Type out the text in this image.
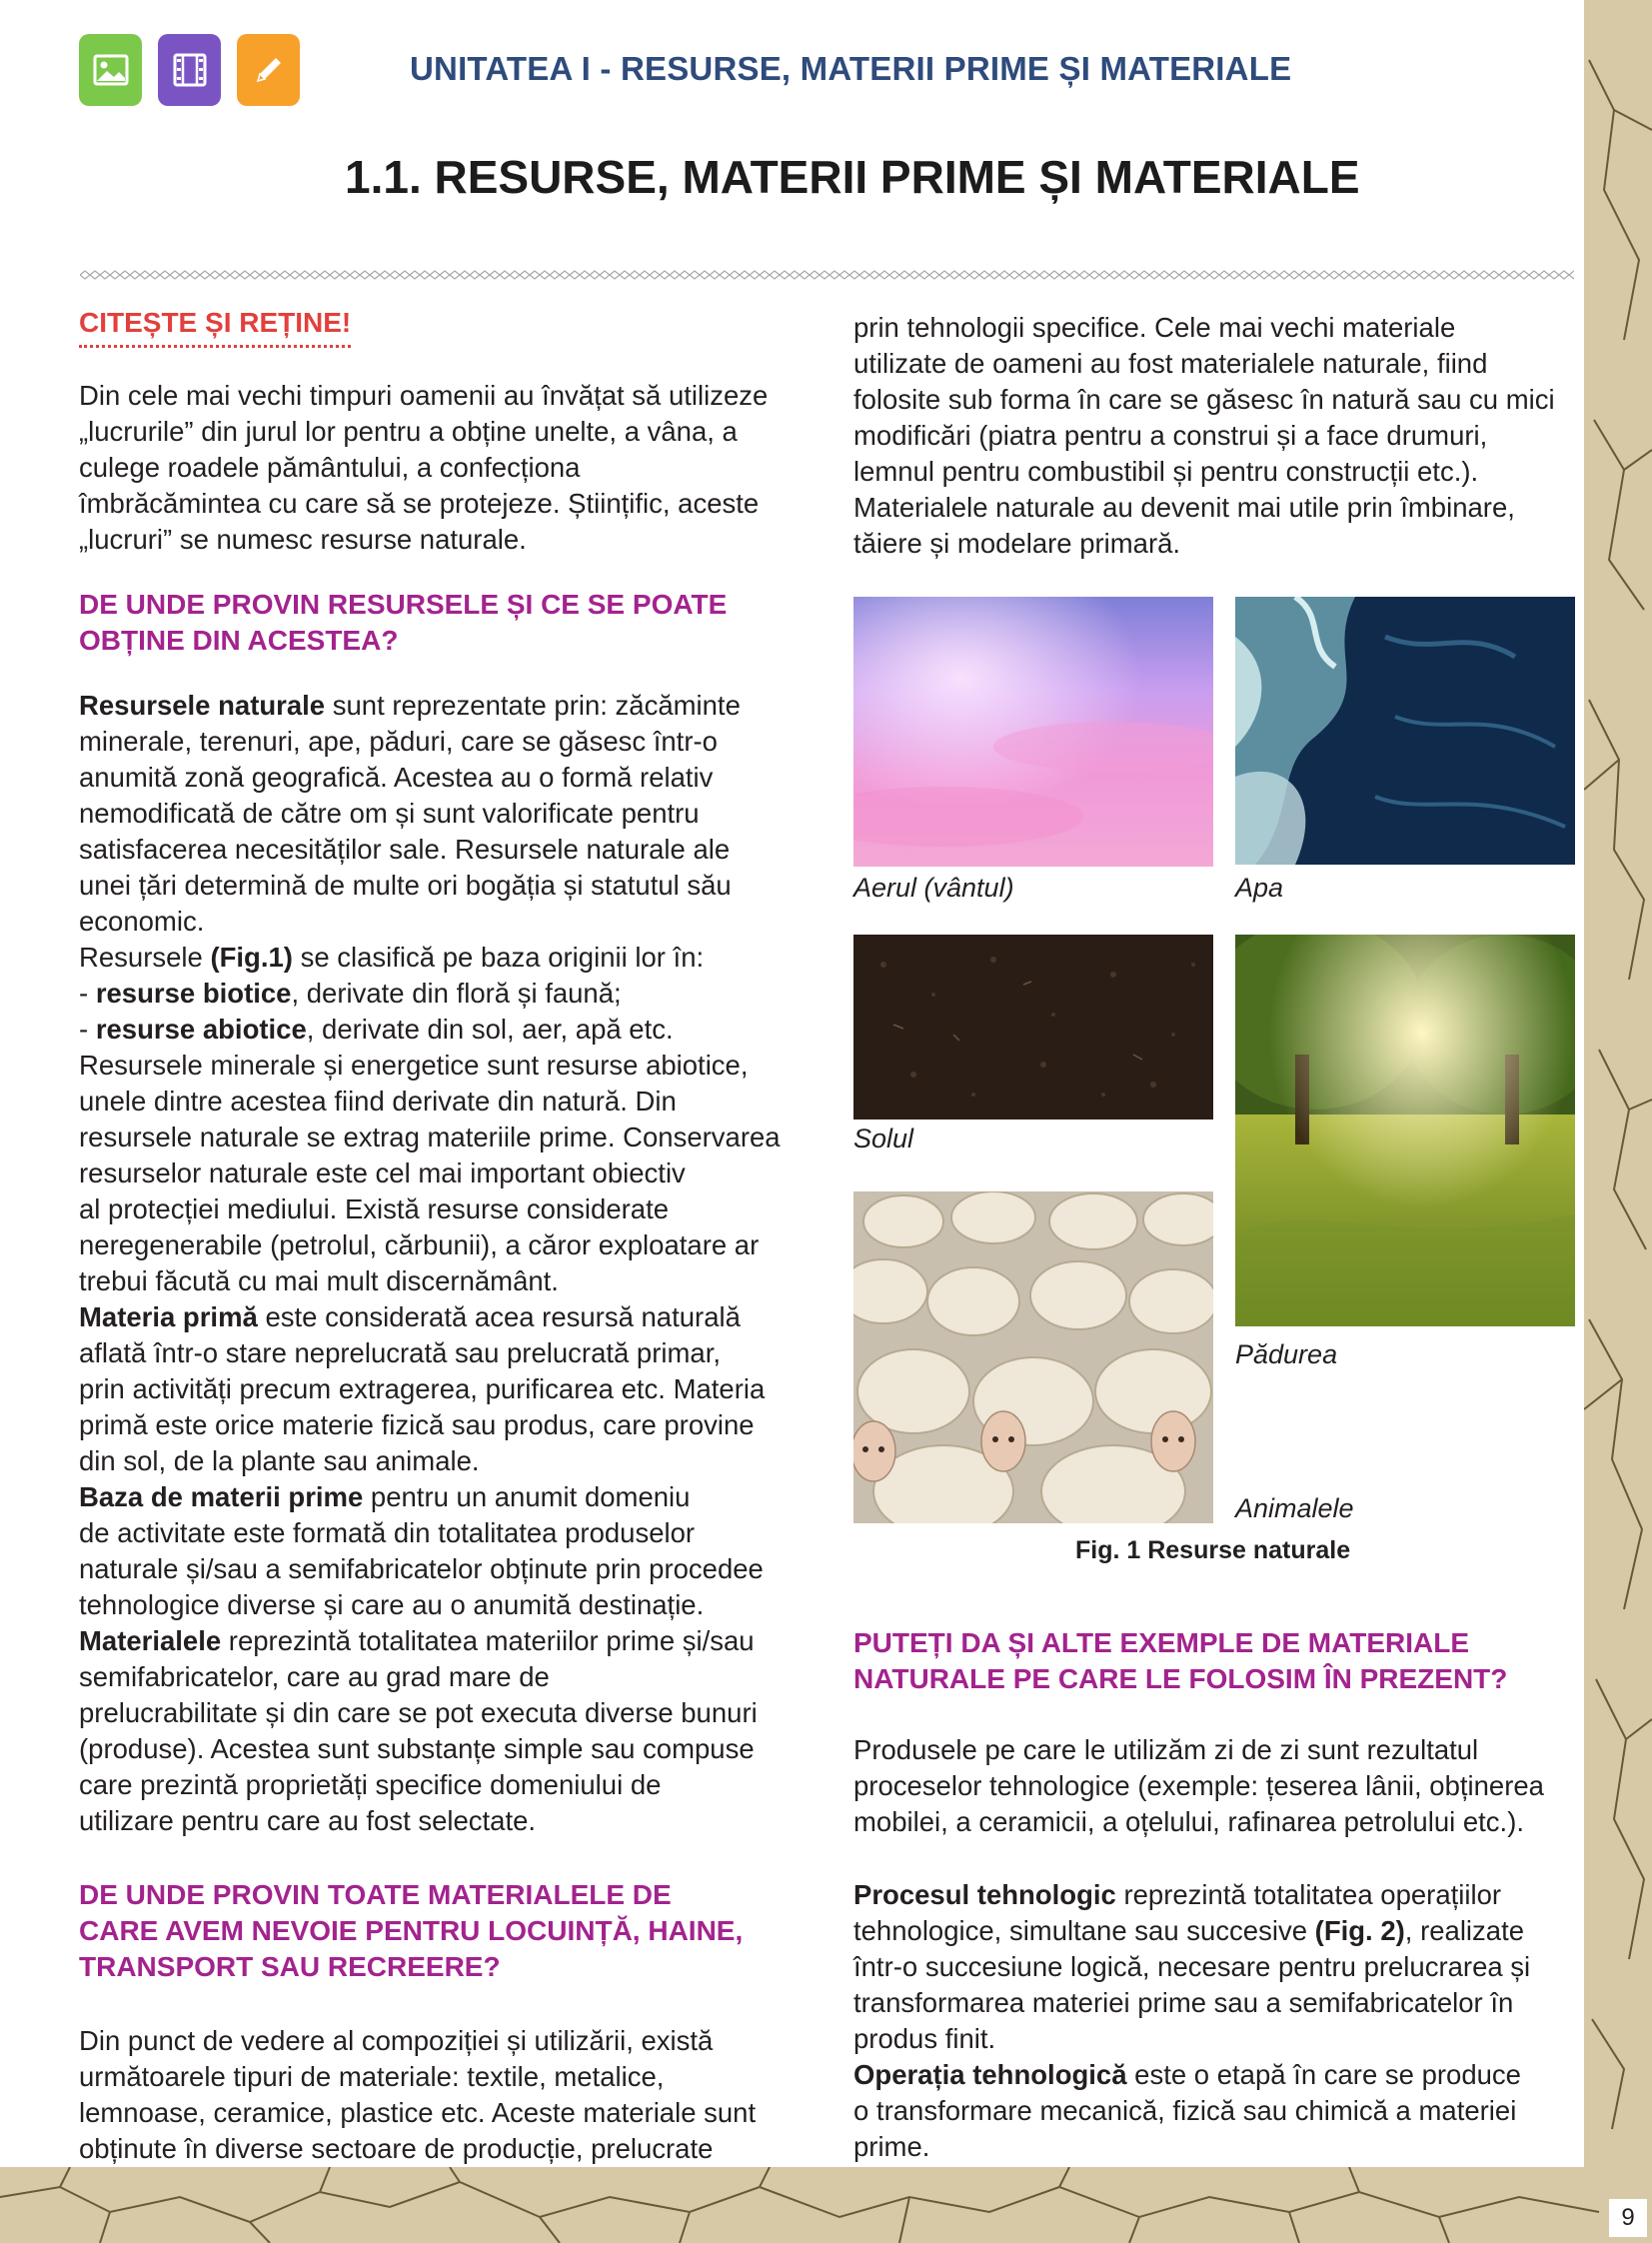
9
UNITATEA I - RESURSE, MATERII PRIME ȘI MATERIALE
1.1. RESURSE, MATERII PRIME ȘI MATERIALE
CITEȘTE ȘI REȚINE!
Din cele mai vechi timpuri oamenii au învățat să utilizeze
„lucrurile” din jurul lor pentru a obține unelte, a vâna, a
culege roadele pământului, a confecționa
îmbrăcămintea cu care să se protejeze. Științific, aceste
„lucruri” se numesc resurse naturale.
DE UNDE PROVIN RESURSELE ȘI CE SE POATE
OBȚINE DIN ACESTEA?
Resursele naturale sunt reprezentate prin: zăcăminte
minerale, terenuri, ape, păduri, care se găsesc într-o
anumită zonă geografică. Acestea au o formă relativ
nemodificată de către om și sunt valorificate pentru
satisfacerea necesităților sale. Resursele naturale ale
unei țări determină de multe ori bogăția și statutul său
economic.
Resursele (Fig.1) se clasifică pe baza originii lor în:
- resurse biotice, derivate din floră și faună;
- resurse abiotice, derivate din sol, aer, apă etc.
Resursele minerale și energetice sunt resurse abiotice,
unele dintre acestea fiind derivate din natură. Din
resursele naturale se extrag materiile prime. Conservarea
resurselor naturale este cel mai important obiectiv
al protecției mediului. Există resurse considerate
neregenerabile (petrolul, cărbunii), a căror exploatare ar
trebui făcută cu mai mult discernământ.
Materia primă este considerată acea resursă naturală
aflată într-o stare neprelucrată sau prelucrată primar,
prin activități precum extragerea, purificarea etc. Materia
primă este orice materie fizică sau produs, care provine
din sol, de la plante sau animale.
Baza de materii prime pentru un anumit domeniu
de activitate este formată din totalitatea produselor
naturale și/sau a semifabricatelor obținute prin procedee
tehnologice diverse și care au o anumită destinație.
Materialele reprezintă totalitatea materiilor prime și/sau
semifabricatelor, care au grad mare de
prelucrabilitate și din care se pot executa diverse bunuri
(produse). Acestea sunt substanțe simple sau compuse
care prezintă proprietăți specifice domeniului de
utilizare pentru care au fost selectate.
DE UNDE PROVIN TOATE MATERIALELE DE
CARE AVEM NEVOIE PENTRU LOCUINȚĂ, HAINE,
TRANSPORT SAU RECREERE?
Din punct de vedere al compoziției și utilizării, există
următoarele tipuri de materiale: textile, metalice,
lemnoase, ceramice, plastice etc. Aceste materiale sunt
obținute în diverse sectoare de producție, prelucrate
prin tehnologii specifice. Cele mai vechi materiale
utilizate de oameni au fost materialele naturale, fiind
folosite sub forma în care se găsesc în natură sau cu mici
modificări (piatra pentru a construi și a face drumuri,
lemnul pentru combustibil și pentru construcții etc.).
Materialele naturale au devenit mai utile prin îmbinare,
tăiere și modelare primară.
Aerul (vântul)	Apa
Solul
Pădurea
Animalele
Fig. 1 Resurse naturale
PUTEȚI DA ȘI ALTE EXEMPLE DE MATERIALE
NATURALE PE CARE LE FOLOSIM ÎN PREZENT?
Produsele pe care le utilizăm zi de zi sunt rezultatul
proceselor tehnologice (exemple: țeserea lânii, obținerea
mobilei, a ceramicii, a oțelului, rafinarea petrolului etc.).
Procesul tehnologic reprezintă totalitatea operațiilor
tehnologice, simultane sau succesive (Fig. 2), realizate
într-o succesiune logică, necesare pentru prelucrarea și
transformarea materiei prime sau a semifabricatelor în
produs finit.
Operația tehnologică este o etapă în care se produce
o transformare mecanică, fizică sau chimică a materiei
prime.
